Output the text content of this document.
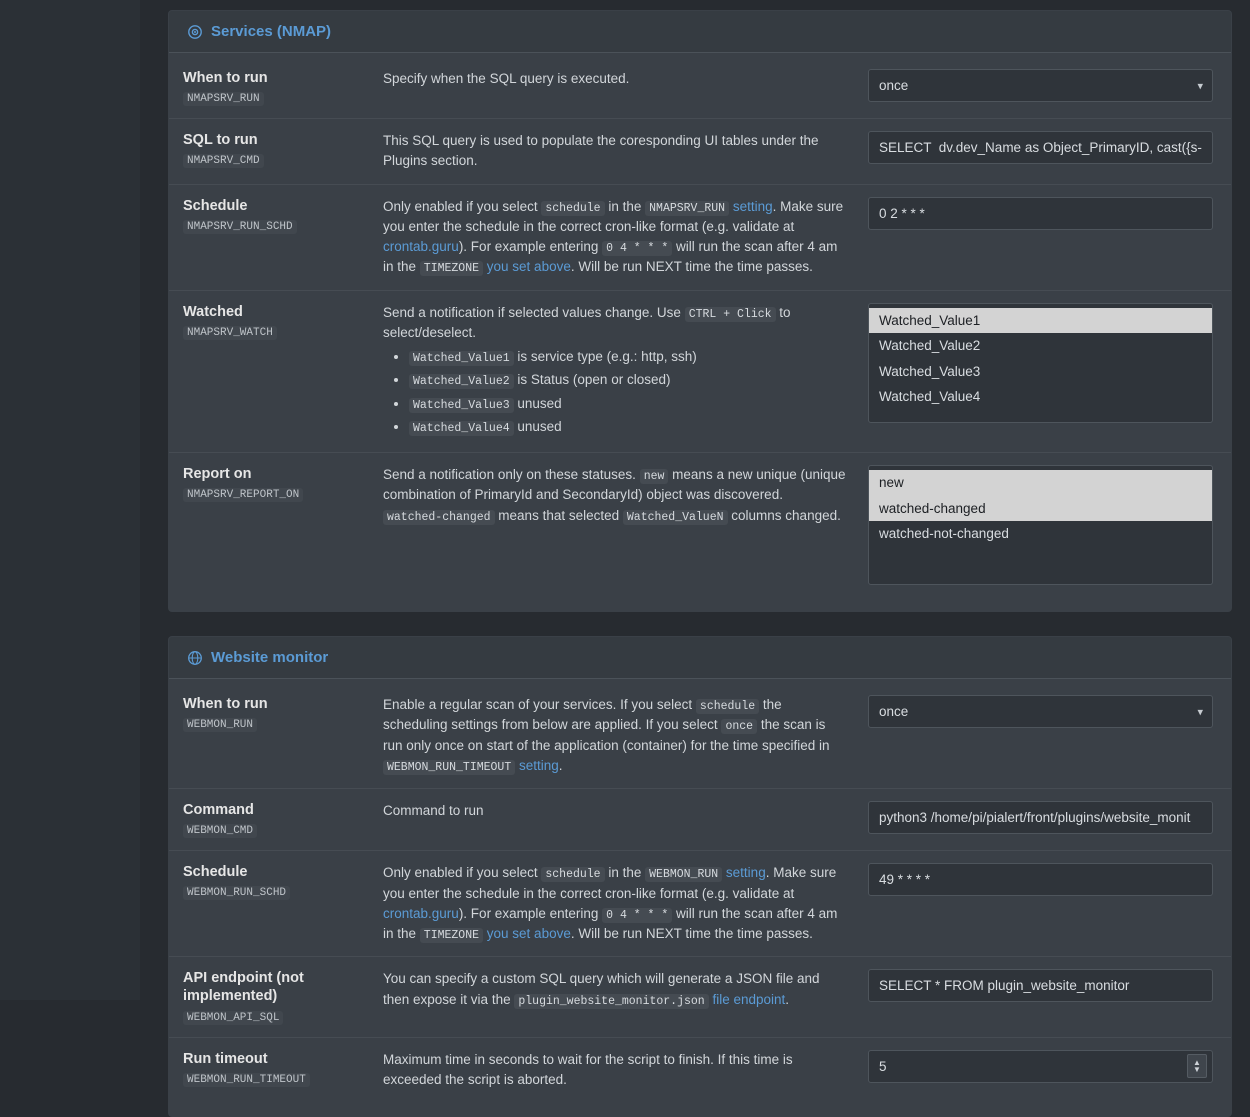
Services (NMAP)
When to run
NMAPSRV_RUN
Specify when the SQL query is executed.
once	▾
SQL to run
NMAPSRV_CMD
This SQL query is used to populate the coresponding UI tables under the Plugins section.
SELECT dv.dev_Name as Object_PrimaryID, cast({s-quo
Schedule
NMAPSRV_RUN_SCHD
Only enabled if you select schedule in the NMAPSRV_RUN setting. Make sure you enter the schedule in the correct cron-like format (e.g. validate at crontab.guru). For example entering 0 4 * * * will run the scan after 4 am in the TIMEZONE you set above. Will be run NEXT time the time passes.
0 2 * * *
Watched
NMAPSRV_WATCH
Send a notification if selected values change. Use CTRL + Click to select/deselect.
• Watched_Value1 is service type (e.g.: http, ssh)
• Watched_Value2 is Status (open or closed)
• Watched_Value3 unused
• Watched_Value4 unused
Watched_Value1
Watched_Value2
Watched_Value3
Watched_Value4
Report on
NMAPSRV_REPORT_ON
Send a notification only on these statuses. new means a new unique (unique combination of PrimaryId and SecondaryId) object was discovered. watched-changed means that selected Watched_ValueN columns changed.
new
watched-changed
watched-not-changed
Website monitor
When to run
WEBMON_RUN
Enable a regular scan of your services. If you select schedule the scheduling settings from below are applied. If you select once the scan is run only once on start of the application (container) for the time specified in WEBMON_RUN_TIMEOUT setting.
once
▾
Command
WEBMON_CMD
Command to run
python3 /home/pi/pialert/front/plugins/website_monit
Schedule
WEBMON_RUN_SCHD
Only enabled if you select schedule in the WEBMON_RUN setting. Make sure you enter the schedule in the correct cron-like format (e.g. validate at crontab.guru). For example entering 0 4 * * * will run the scan after 4 am in the TIMEZONE you set above. Will be run NEXT time the time passes.
49 * * * *
API endpoint (not implemented)
WEBMON_API_SQL
You can specify a custom SQL query which will generate a JSON file and then expose it via the plugin_website_monitor.json file endpoint.
SELECT * FROM plugin_website_monitor
Run timeout
WEBMON_RUN_TIMEOUT
Maximum time in seconds to wait for the script to finish. If this time is exceeded the script is aborted.
5
▲
▼
